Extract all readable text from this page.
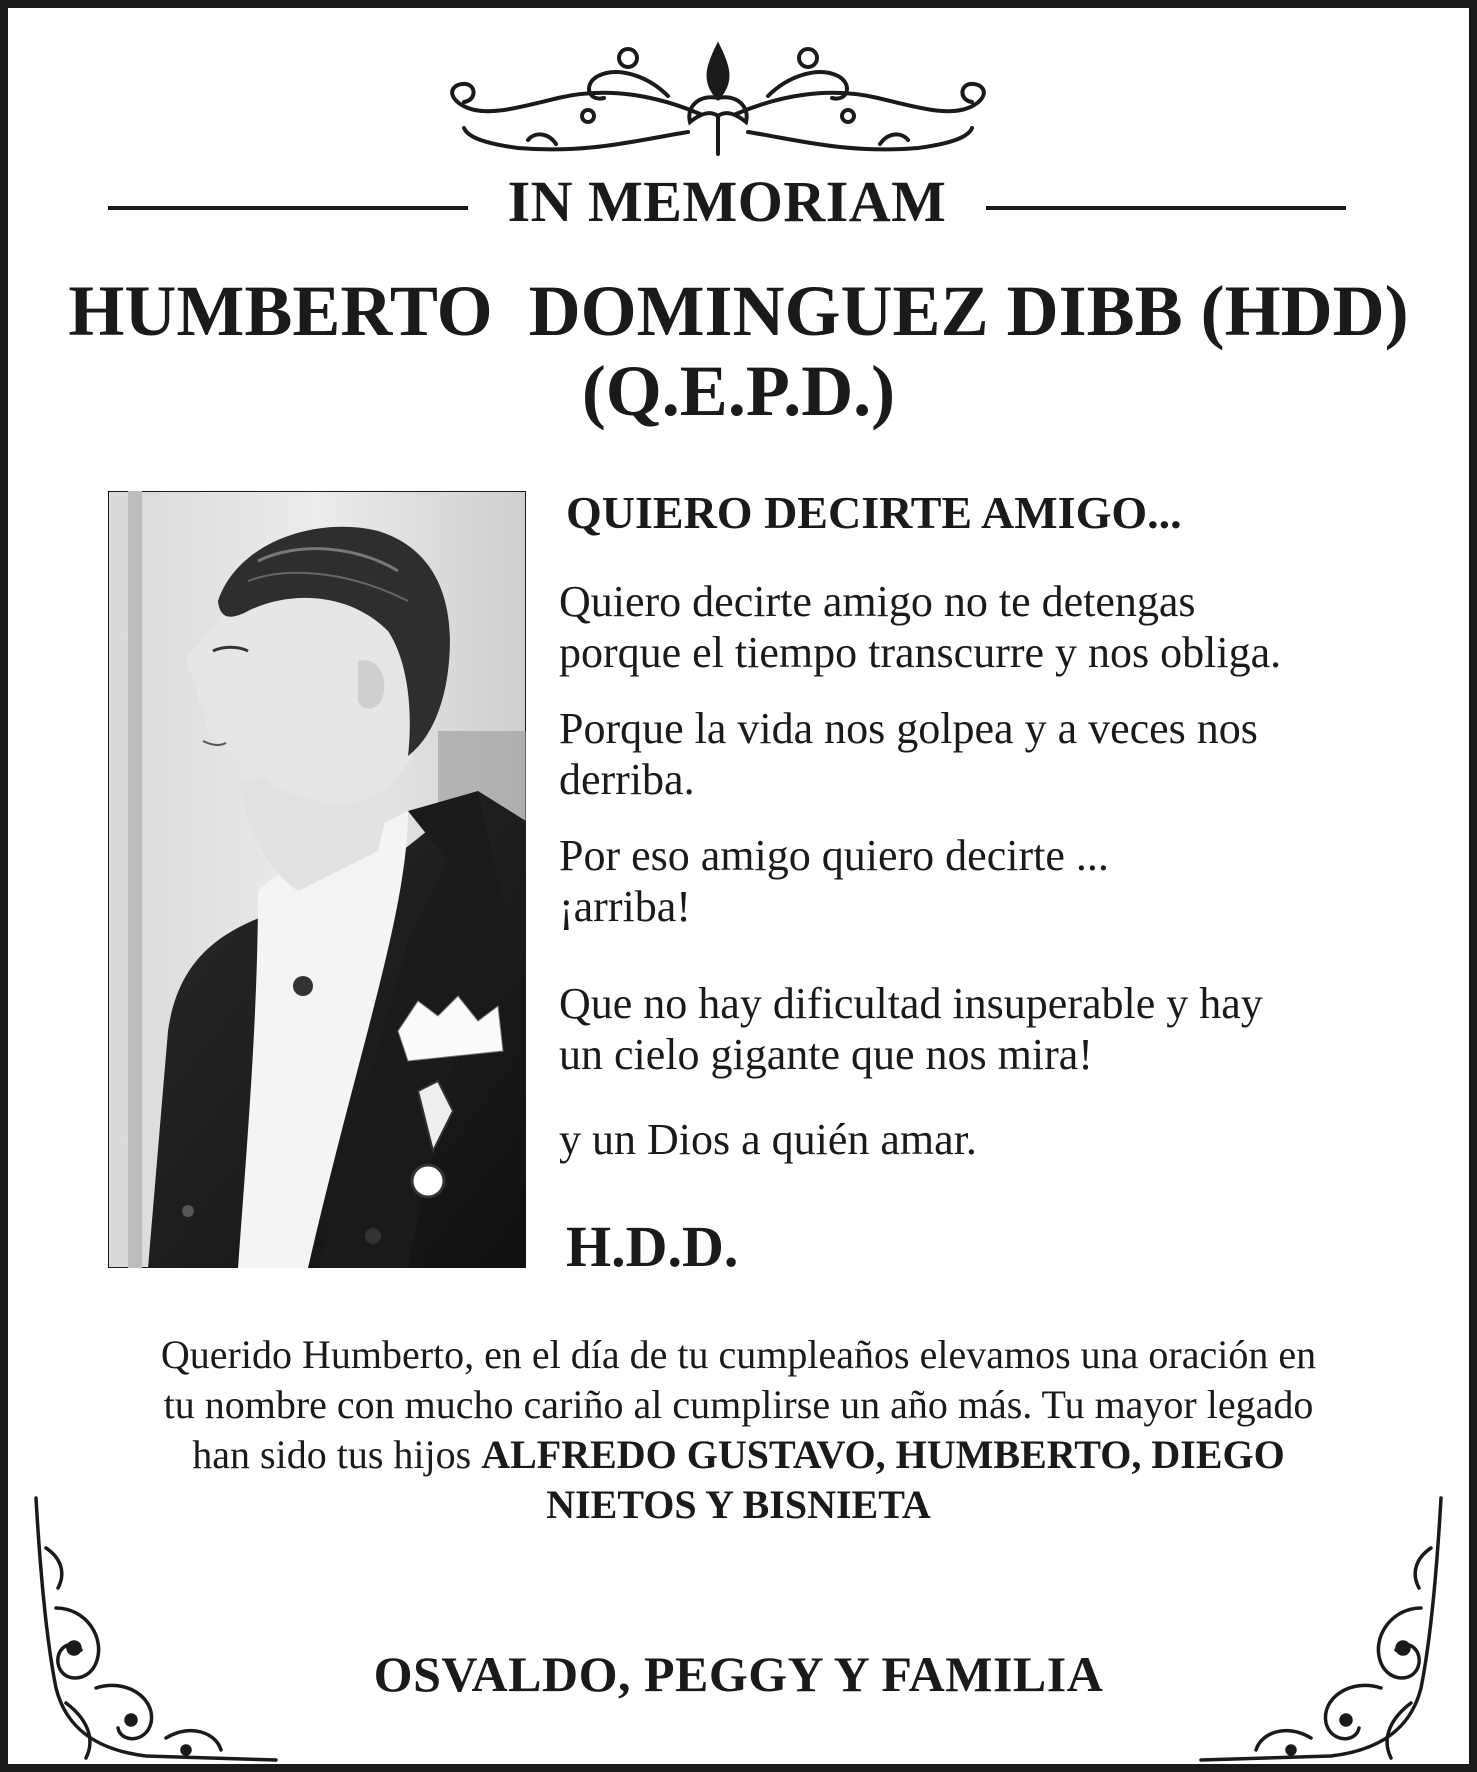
IN MEMORIAM
HUMBERTO  DOMINGUEZ DIBB (HDD)
(Q.E.P.D.)
QUIERO DECIRTE AMIGO...
Quiero decirte amigo no te detengas
porque el tiempo transcurre y nos obliga.
Porque la vida nos golpea y a veces nos
derriba.
Por eso amigo quiero decirte ...
¡arriba!
Que no hay dificultad insuperable y hay
un cielo gigante que nos mira!
y un Dios a quién amar.
H.D.D.
Querido Humberto, en el día de tu cumpleaños elevamos una oración en
tu nombre con mucho cariño al cumplirse un año más. Tu mayor legado
han sido tus hijos ALFREDO GUSTAVO, HUMBERTO, DIEGO
NIETOS Y BISNIETA
OSVALDO, PEGGY Y FAMILIA
